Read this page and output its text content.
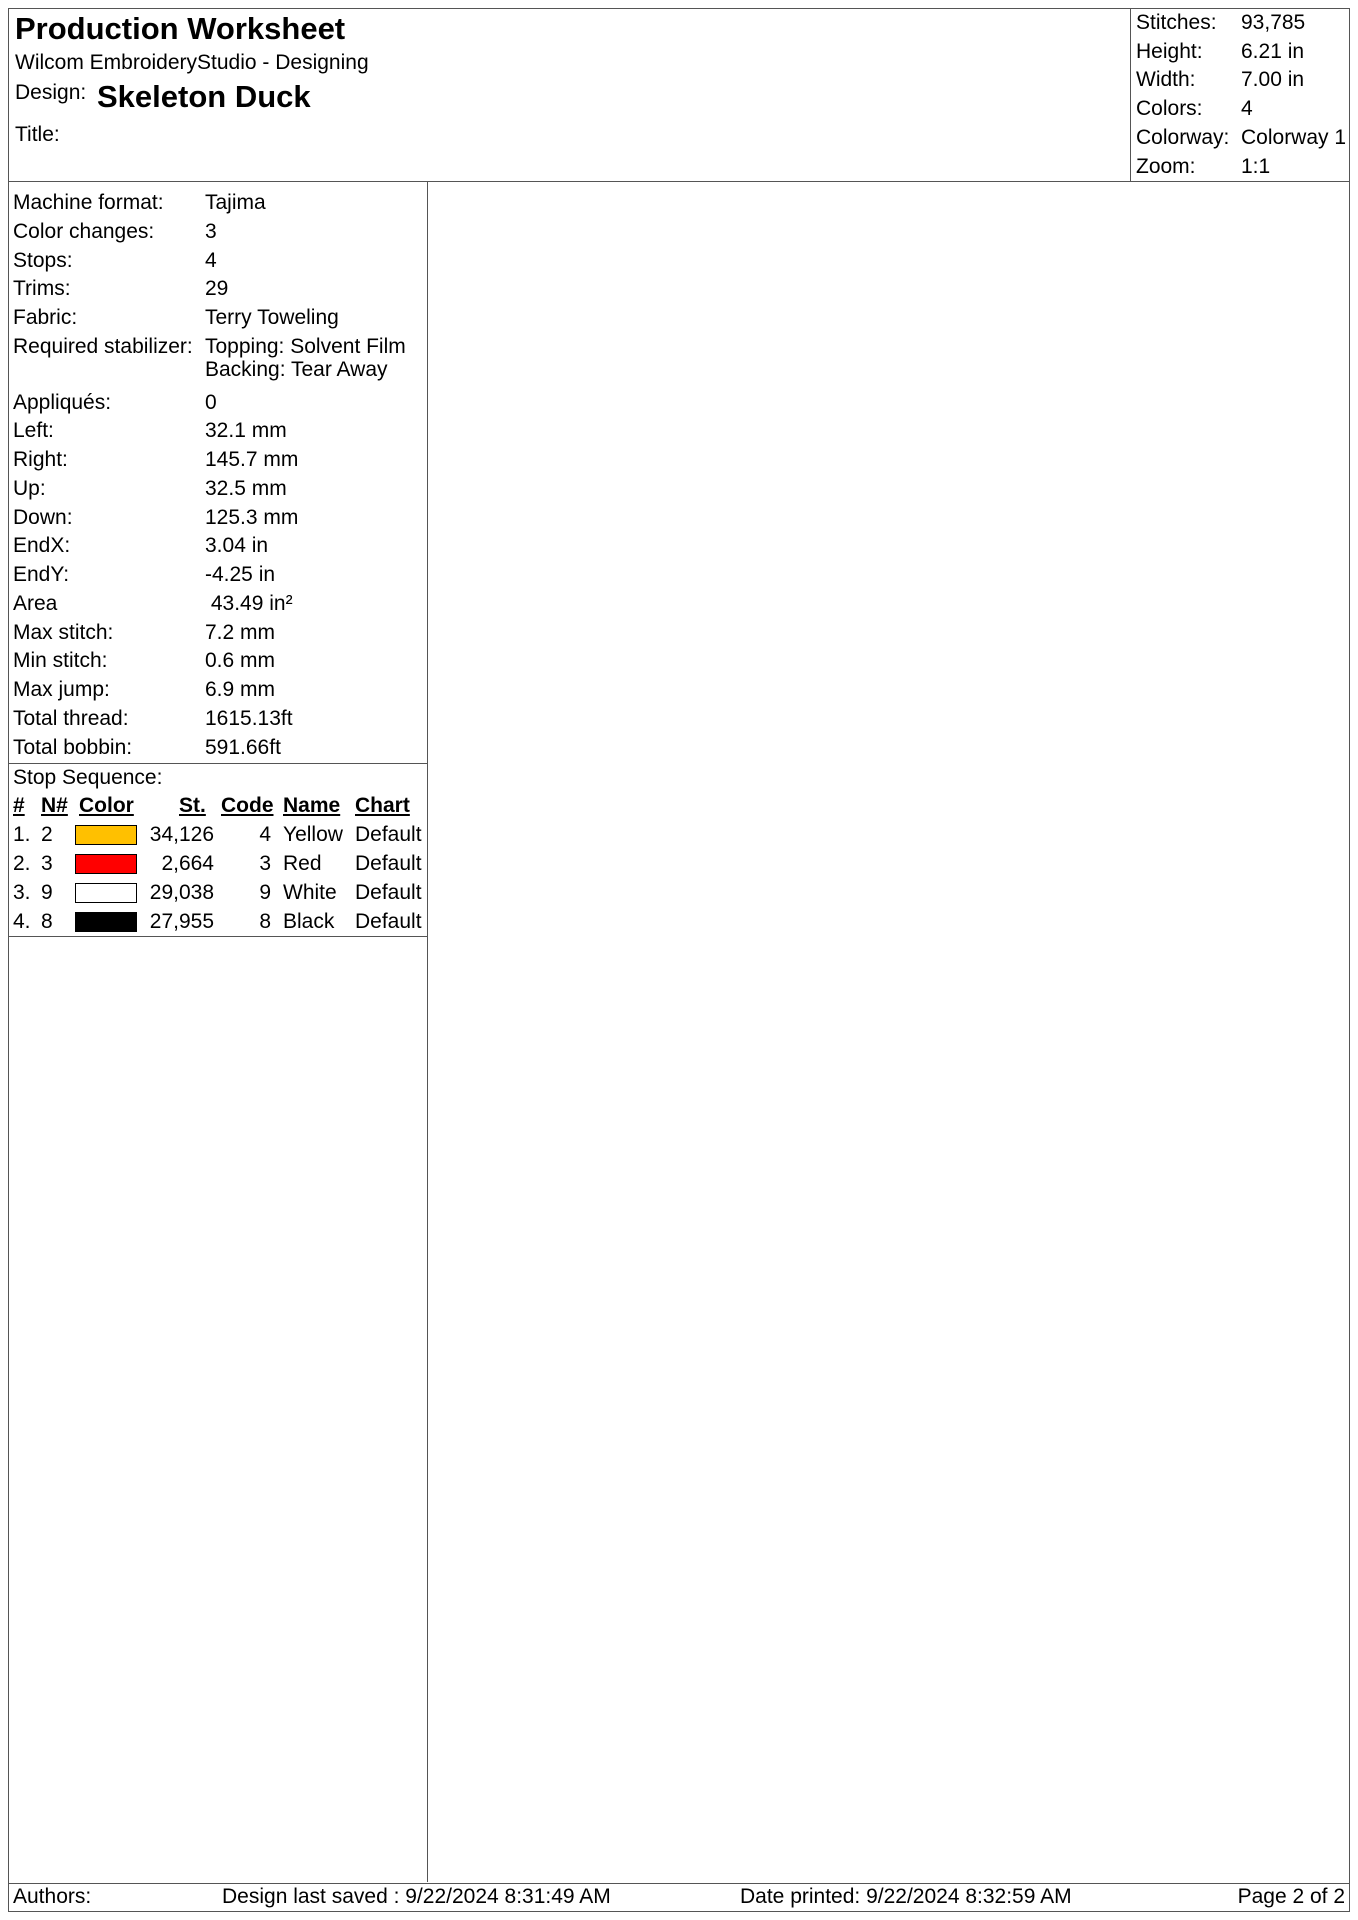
Production Worksheet
Wilcom EmbroideryStudio - Designing
Design: Skeleton Duck
Title:
Stitches: 93,785
Height: 6.21 in
Width: 7.00 in
Colors: 4
Colorway: Colorway 1
Zoom: 1:1
Machine format: Tajima
Color changes: 3
Stops:	4
Trims:	29
Fabric:	Terry Toweling
Required stabilizer: Topping: Solvent Film
Backing: Tear Away
Appliqués:	0
Left:	32.1 mm
Right:	145.7 mm
Up:	32.5 mm
Down:	125.3 mm
EndX:	3.04 in
EndY:	-4.25 in
Area	43.49 in²
Max stitch:	7.2 mm
Min stitch:	0.6 mm
Max jump:	6.9 mm
Total thread:	1615.13ft
Total bobbin:	591.66ft
Stop Sequence:
# N# Color St. Code Name Chart
1. 2	34,126	4 Yellow Default
2. 3	2,664	3 Red Default
3. 9	29,038	9 White Default
4. 8	27,955	8 Black Default
Authors:	Design last saved : 9/22/2024 8:31:49 AM	Date printed: 9/22/2024 8:32:59 AM	Page 2 of 2
